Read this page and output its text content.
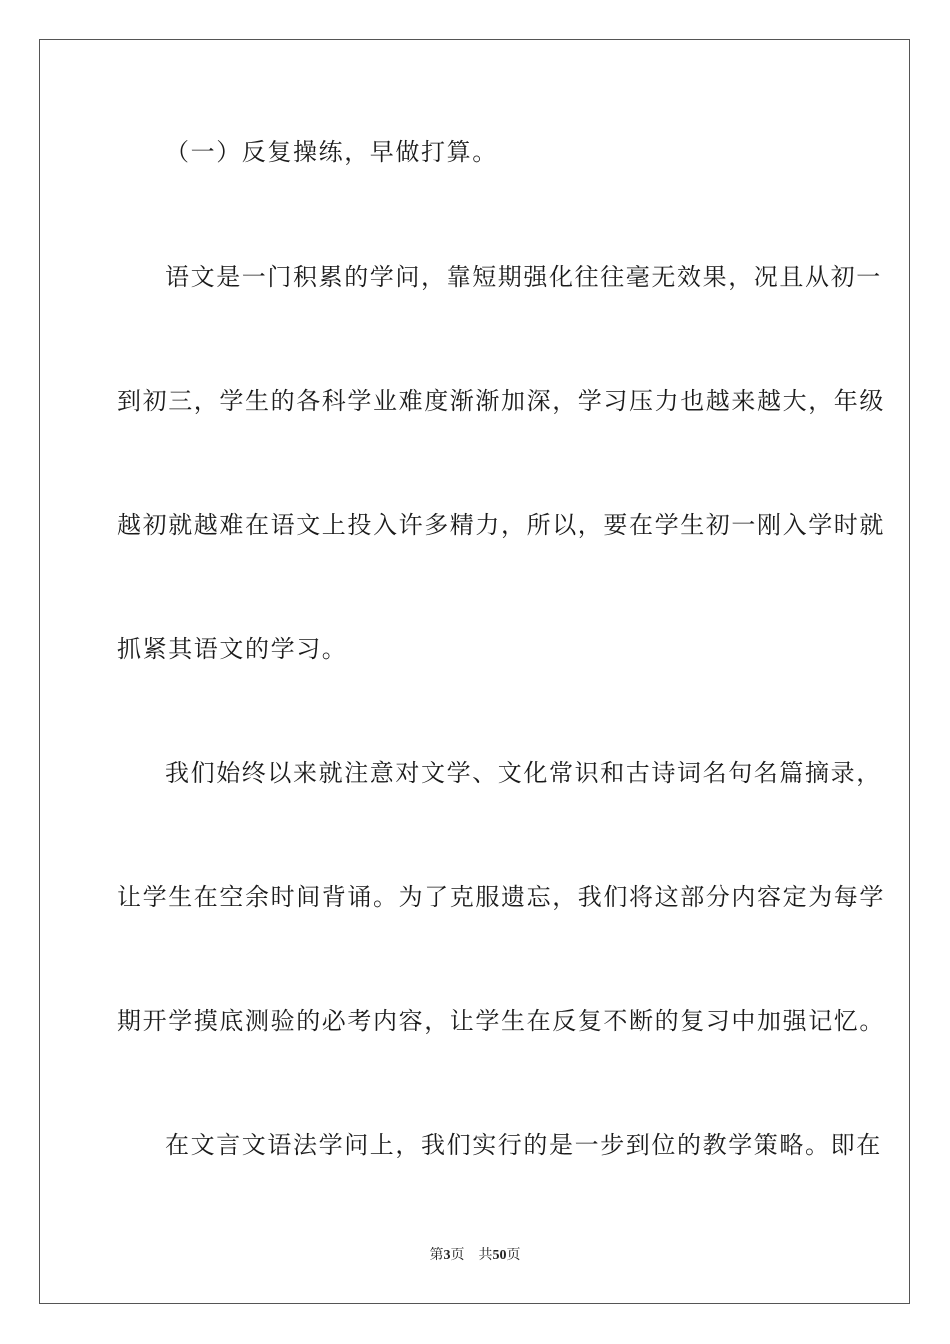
（一）反复操练，早做打算。
语文是一门积累的学问，靠短期强化往往毫无效果，况且从初一
到初三，学生的各科学业难度渐渐加深，学习压力也越来越大，年级
越初就越难在语文上投入许多精力，所以，要在学生初一刚入学时就
抓紧其语文的学习。
我们始终以来就注意对文学、文化常识和古诗词名句名篇摘录，
让学生在空余时间背诵。为了克服遗忘，我们将这部分内容定为每学
期开学摸底测验的必考内容，让学生在反复不断的复习中加强记忆。
在文言文语法学问上，我们实行的是一步到位的教学策略。即在
第3页 共50页
